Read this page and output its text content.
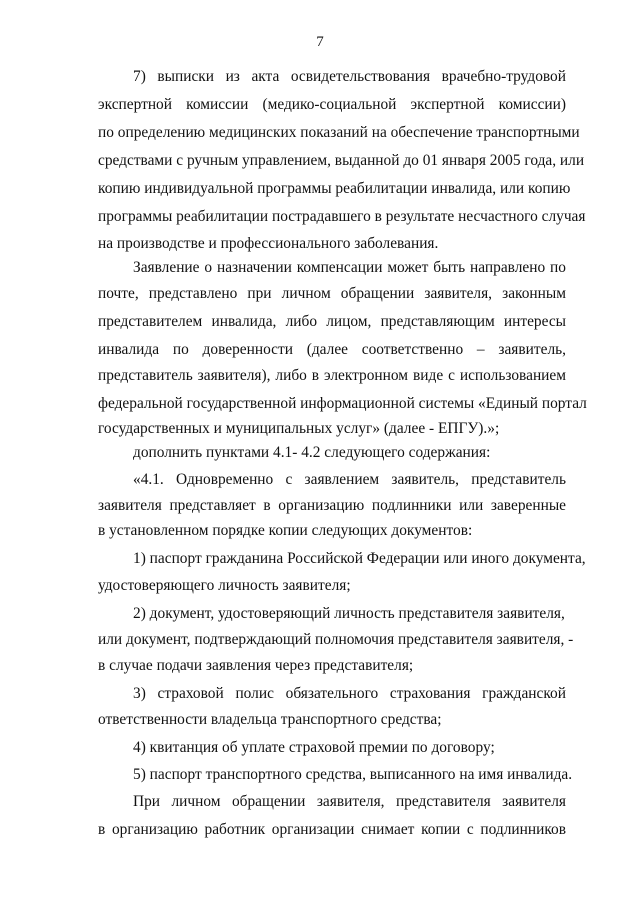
7
7) выписки из акта освидетельствования врачебно-трудовой
экспертной комиссии (медико-социальной экспертной комиссии)
по определению медицинских показаний на обеспечение транспортными
средствами с ручным управлением, выданной до 01 января 2005 года, или
копию индивидуальной программы реабилитации инвалида, или копию
программы реабилитации пострадавшего в результате несчастного случая
на производстве и профессионального заболевания.
Заявление о назначении компенсации может быть направлено по
почте, представлено при личном обращении заявителя, законным
представителем инвалида, либо лицом, представляющим интересы
инвалида по доверенности (далее соответственно – заявитель,
представитель заявителя), либо в электронном виде с использованием
федеральной государственной информационной системы «Единый портал
государственных и муниципальных услуг» (далее - ЕПГУ).»;
дополнить пунктами 4.1- 4.2 следующего содержания:
«4.1. Одновременно с заявлением заявитель, представитель
заявителя представляет в организацию подлинники или заверенные
в установленном порядке копии следующих документов:
1) паспорт гражданина Российской Федерации или иного документа,
удостоверяющего личность заявителя;
2) документ, удостоверяющий личность представителя заявителя,
или документ, подтверждающий полномочия представителя заявителя, -
в случае подачи заявления через представителя;
3) страховой полис обязательного страхования гражданской
ответственности владельца транспортного средства;
4) квитанция об уплате страховой премии по договору;
5) паспорт транспортного средства, выписанного на имя инвалида.
При личном обращении заявителя, представителя заявителя
в организацию работник организации снимает копии с подлинников
